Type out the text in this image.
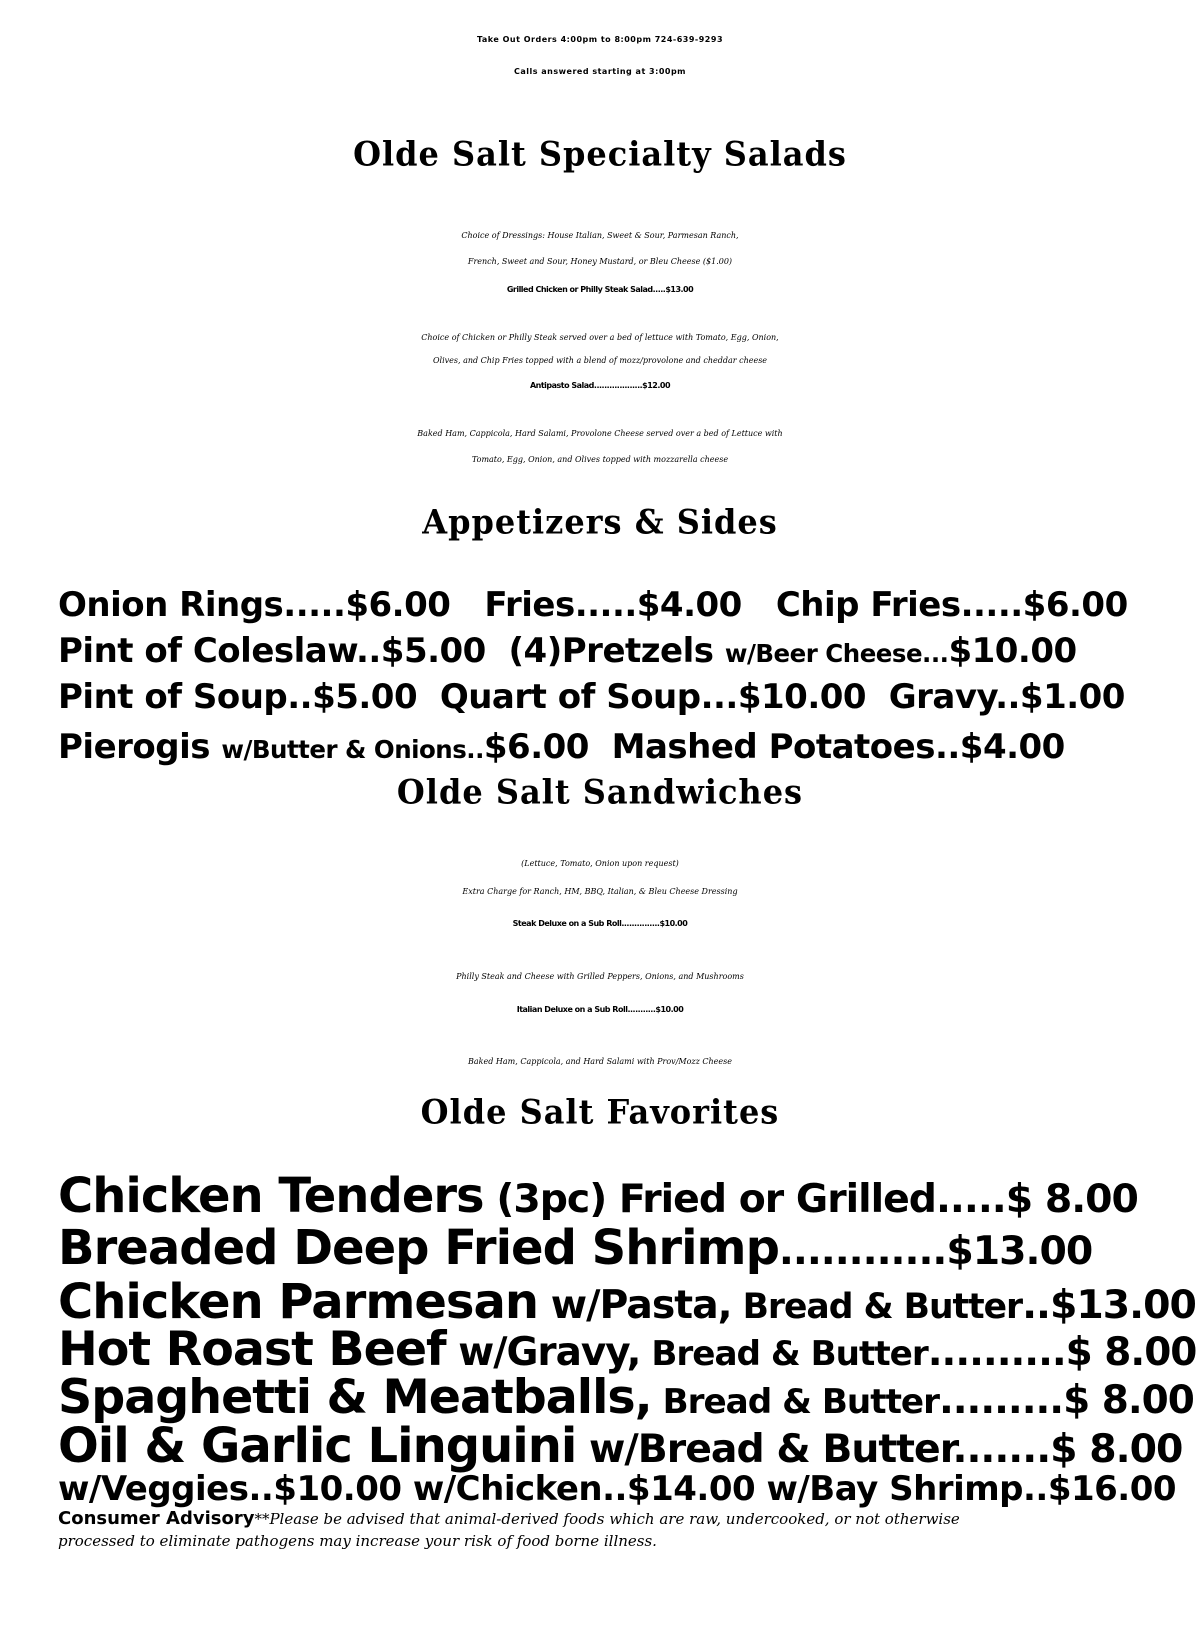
Take Out Orders 4:00pm to 8:00pm 724-639-9293
Calls answered starting at 3:00pm
Olde Salt Specialty Salads
Choice of Dressings: House Italian, Sweet & Sour, Parmesan Ranch,
French, Sweet and Sour, Honey Mustard, or Bleu Cheese ($1.00)
Grilled Chicken or Philly Steak Salad.....$13.00
Choice of Chicken or Philly Steak served over a bed of lettuce with Tomato, Egg, Onion,
Olives, and Chip Fries topped with a blend of mozz/provolone and cheddar cheese
Antipasto Salad...................$12.00
Baked Ham, Cappicola, Hard Salami, Provolone Cheese served over a bed of Lettuce with
Tomato, Egg, Onion, and Olives topped with mozzarella cheese
Appetizers & Sides
Onion Rings.....$6.00 Fries.....$4.00 Chip Fries.....$6.00
Pint of Coleslaw..$5.00 (4)Pretzels w/Beer Cheese...$10.00
Pint of Soup..$5.00 Quart of Soup...$10.00 Gravy..$1.00
Pierogis w/Butter & Onions..$6.00 Mashed Potatoes..$4.00
Olde Salt Sandwiches
(Lettuce, Tomato, Onion upon request)
Extra Charge for Ranch, HM, BBQ, Italian, & Bleu Cheese Dressing
Steak Deluxe on a Sub Roll...............$10.00
Philly Steak and Cheese with Grilled Peppers, Onions, and Mushrooms
Italian Deluxe on a Sub Roll...........$10.00
Baked Ham, Cappicola, and Hard Salami with Prov/Mozz Cheese
Olde Salt Favorites
Chicken Tenders (3pc) Fried or Grilled.....$ 8.00
Breaded Deep Fried Shrimp............$13.00
Chicken Parmesan w/Pasta, Bread & Butter..$13.00
Hot Roast Beef w/Gravy, Bread & Butter..........$ 8.00
Spaghetti & Meatballs, Bread & Butter.........$ 8.00
Oil & Garlic Linguini w/Bread & Butter.......$ 8.00
w/Veggies..$10.00 w/Chicken..$14.00 w/Bay Shrimp..$16.00
Consumer Advisory**Please be advised that animal-derived foods which are raw, undercooked, or not otherwise
processed to eliminate pathogens may increase your risk of food borne illness.
